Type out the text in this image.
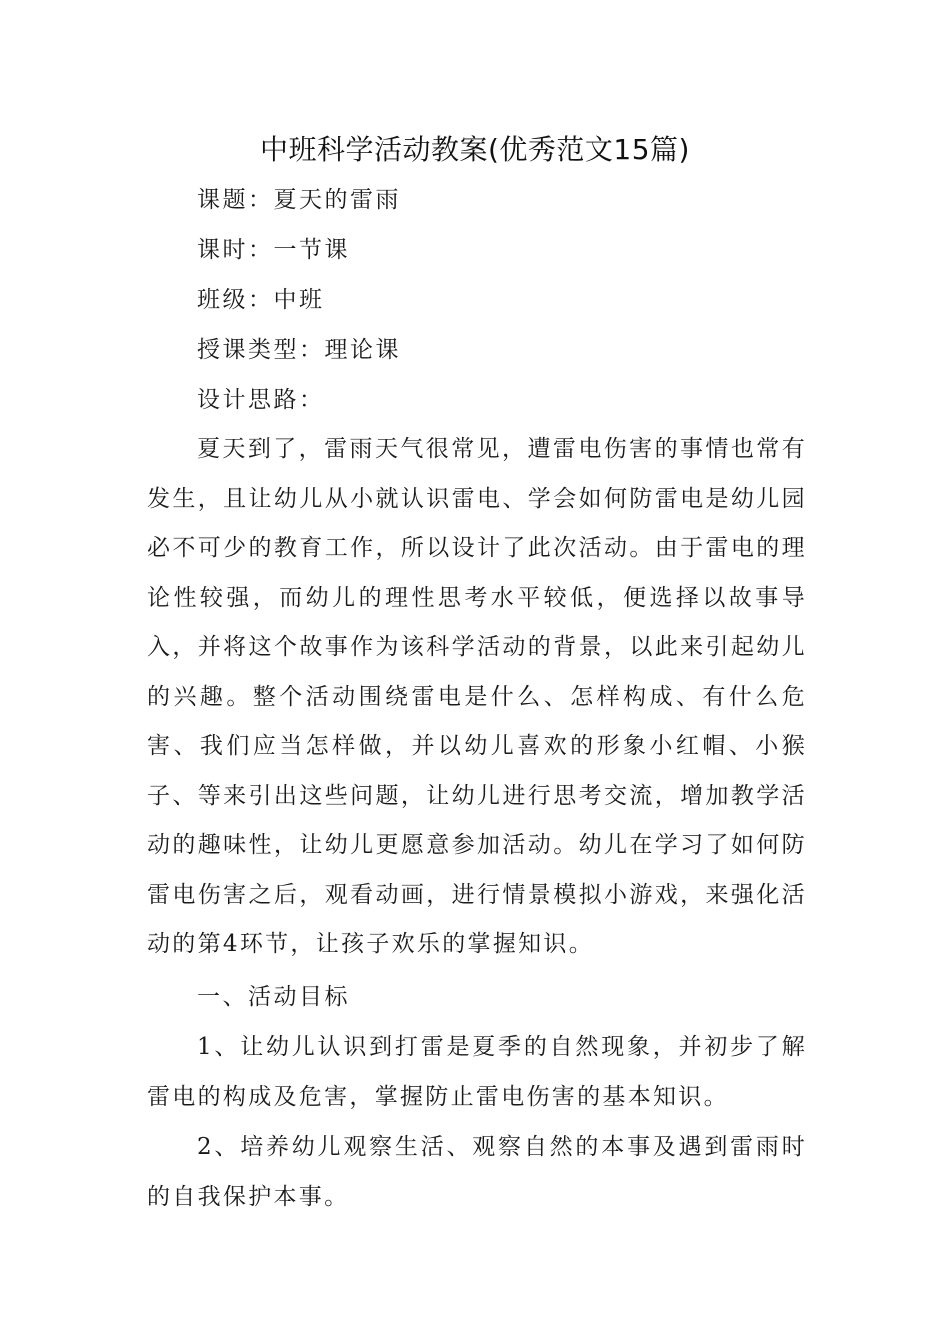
中班科学活动教案(优秀范文15篇)

课题：夏天的雷雨

课时：一节课

班级：中班

授课类型：理论课

设计思路：

夏天到了，雷雨天气很常见，遭雷电伤害的事情也常有发生，且让幼儿从小就认识雷电、学会如何防雷电是幼儿园必不可少的教育工作，所以设计了此次活动。由于雷电的理论性较强，而幼儿的理性思考水平较低，便选择以故事导入，并将这个故事作为该科学活动的背景，以此来引起幼儿的兴趣。整个活动围绕雷电是什么、怎样构成、有什么危害、我们应当怎样做，并以幼儿喜欢的形象小红帽、小猴子、等来引出这些问题，让幼儿进行思考交流，增加教学活动的趣味性，让幼儿更愿意参加活动。幼儿在学习了如何防雷电伤害之后，观看动画，进行情景模拟小游戏，来强化活动的第4环节，让孩子欢乐的掌握知识。

一、活动目标

1、让幼儿认识到打雷是夏季的自然现象，并初步了解雷电的构成及危害，掌握防止雷电伤害的基本知识。

2、培养幼儿观察生活、观察自然的本事及遇到雷雨时的自我保护本事。
